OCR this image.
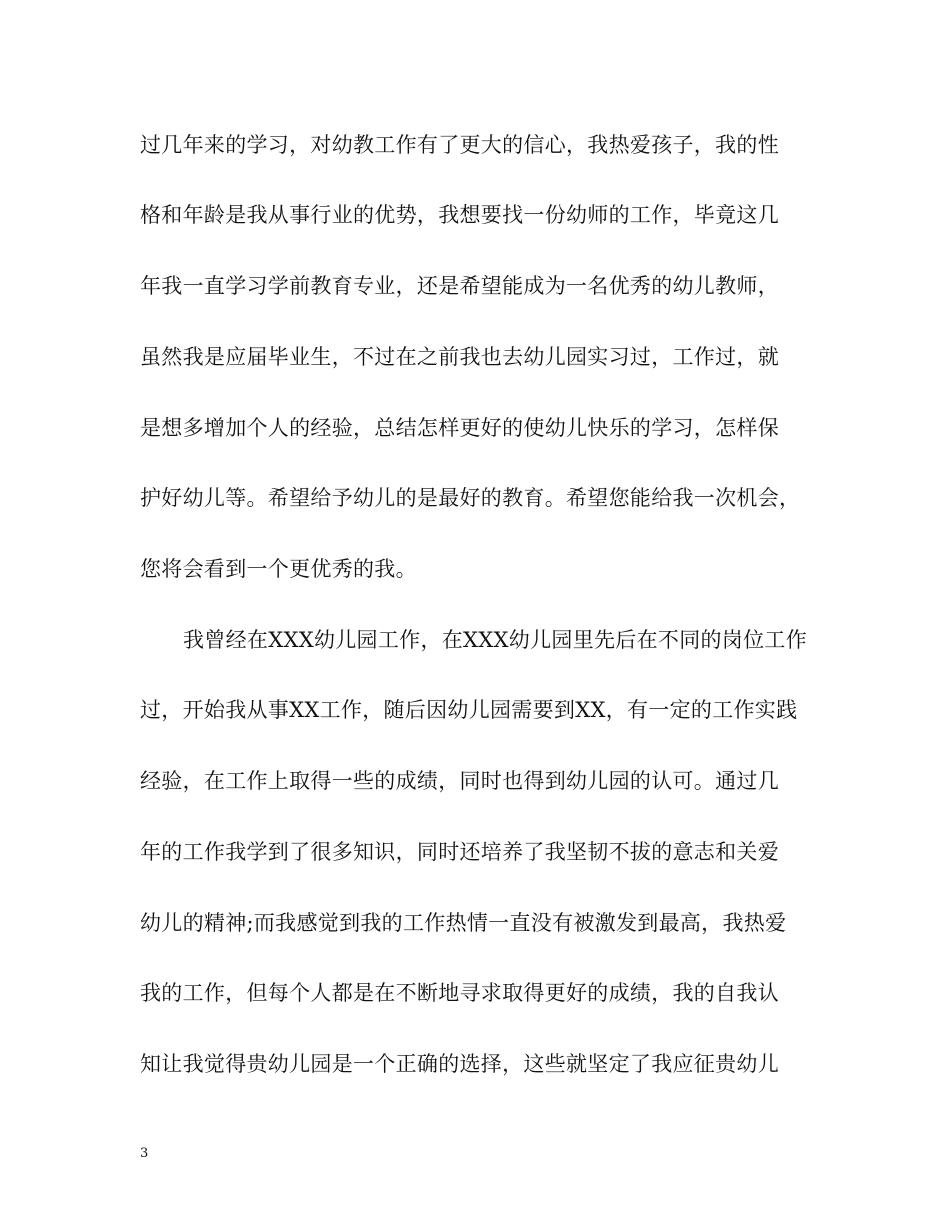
过几年来的学习，对幼教工作有了更大的信心，我热爱孩子，我的性
格和年龄是我从事行业的优势，我想要找一份幼师的工作，毕竟这几
年我一直学习学前教育专业，还是希望能成为一名优秀的幼儿教师，
虽然我是应届毕业生，不过在之前我也去幼儿园实习过，工作过，就
是想多增加个人的经验，总结怎样更好的使幼儿快乐的学习，怎样保
护好幼儿等。希望给予幼儿的是最好的教育。希望您能给我一次机会，
您将会看到一个更优秀的我。
我曾经在XXX幼儿园工作，在XXX幼儿园里先后在不同的岗位工作
过，开始我从事XX工作，随后因幼儿园需要到XX，有一定的工作实践
经验，在工作上取得一些的成绩，同时也得到幼儿园的认可。通过几
年的工作我学到了很多知识，同时还培养了我坚韧不拔的意志和关爱
幼儿的精神;而我感觉到我的工作热情一直没有被激发到最高，我热爱
我的工作，但每个人都是在不断地寻求取得更好的成绩，我的自我认
知让我觉得贵幼儿园是一个正确的选择，这些就坚定了我应征贵幼儿
3
